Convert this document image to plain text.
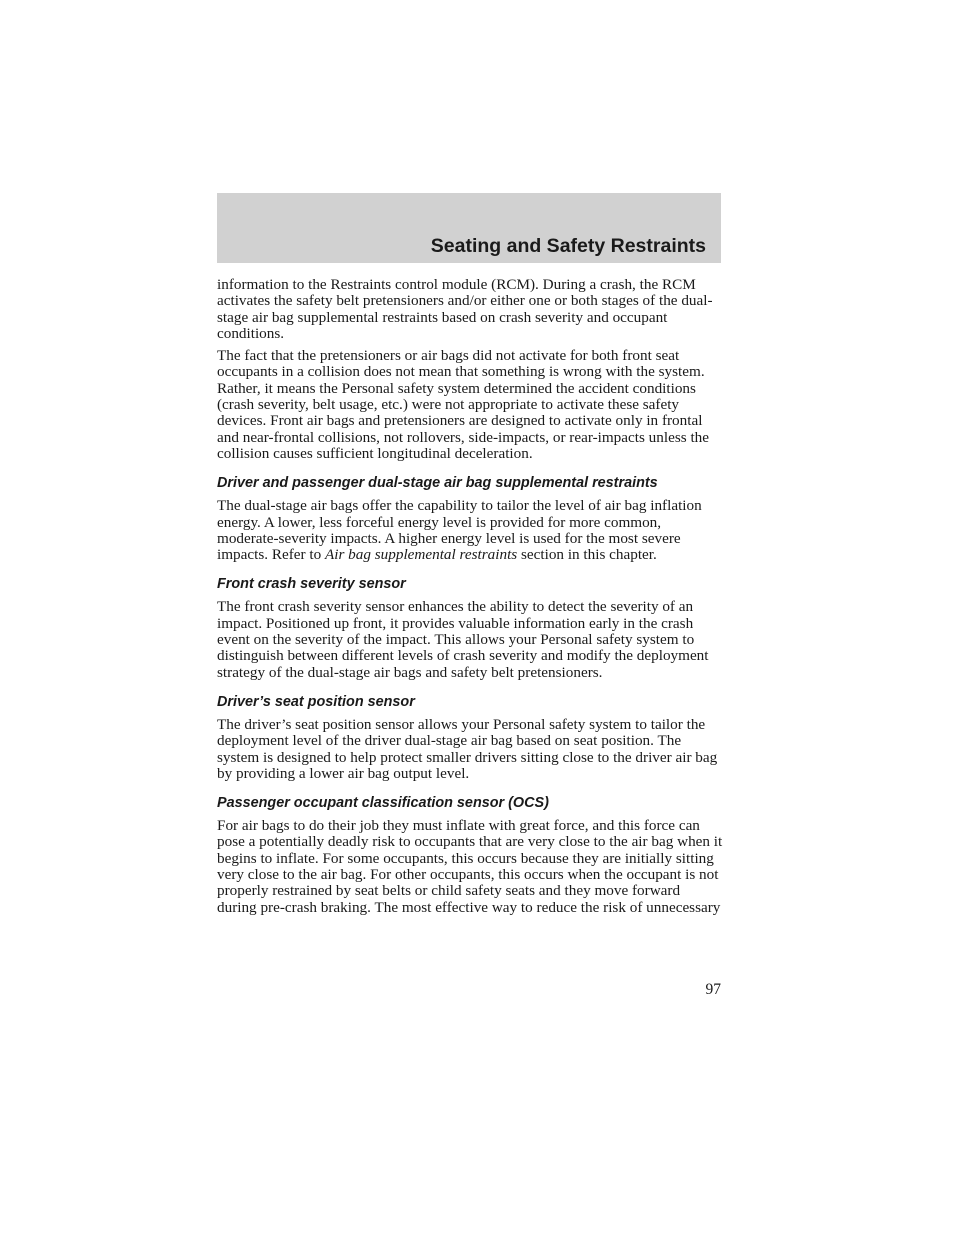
Seating and Safety Restraints

information to the Restraints control module (RCM). During a crash, the RCM activates the safety belt pretensioners and/or either one or both stages of the dual-stage air bag supplemental restraints based on crash severity and occupant conditions.

The fact that the pretensioners or air bags did not activate for both front seat occupants in a collision does not mean that something is wrong with the system. Rather, it means the Personal safety system determined the accident conditions (crash severity, belt usage, etc.) were not appropriate to activate these safety devices. Front air bags and pretensioners are designed to activate only in frontal and near-frontal collisions, not rollovers, side-impacts, or rear-impacts unless the collision causes sufficient longitudinal deceleration.

Driver and passenger dual-stage air bag supplemental restraints

The dual-stage air bags offer the capability to tailor the level of air bag inflation energy. A lower, less forceful energy level is provided for more common, moderate-severity impacts. A higher energy level is used for the most severe impacts. Refer to Air bag supplemental restraints section in this chapter.

Front crash severity sensor

The front crash severity sensor enhances the ability to detect the severity of an impact. Positioned up front, it provides valuable information early in the crash event on the severity of the impact. This allows your Personal safety system to distinguish between different levels of crash severity and modify the deployment strategy of the dual-stage air bags and safety belt pretensioners.

Driver’s seat position sensor

The driver’s seat position sensor allows your Personal safety system to tailor the deployment level of the driver dual-stage air bag based on seat position. The system is designed to help protect smaller drivers sitting close to the driver air bag by providing a lower air bag output level.

Passenger occupant classification sensor (OCS)

For air bags to do their job they must inflate with great force, and this force can pose a potentially deadly risk to occupants that are very close to the air bag when it begins to inflate. For some occupants, this occurs because they are initially sitting very close to the air bag. For other occupants, this occurs when the occupant is not properly restrained by seat belts or child safety seats and they move forward during pre-crash braking. The most effective way to reduce the risk of unnecessary

97
